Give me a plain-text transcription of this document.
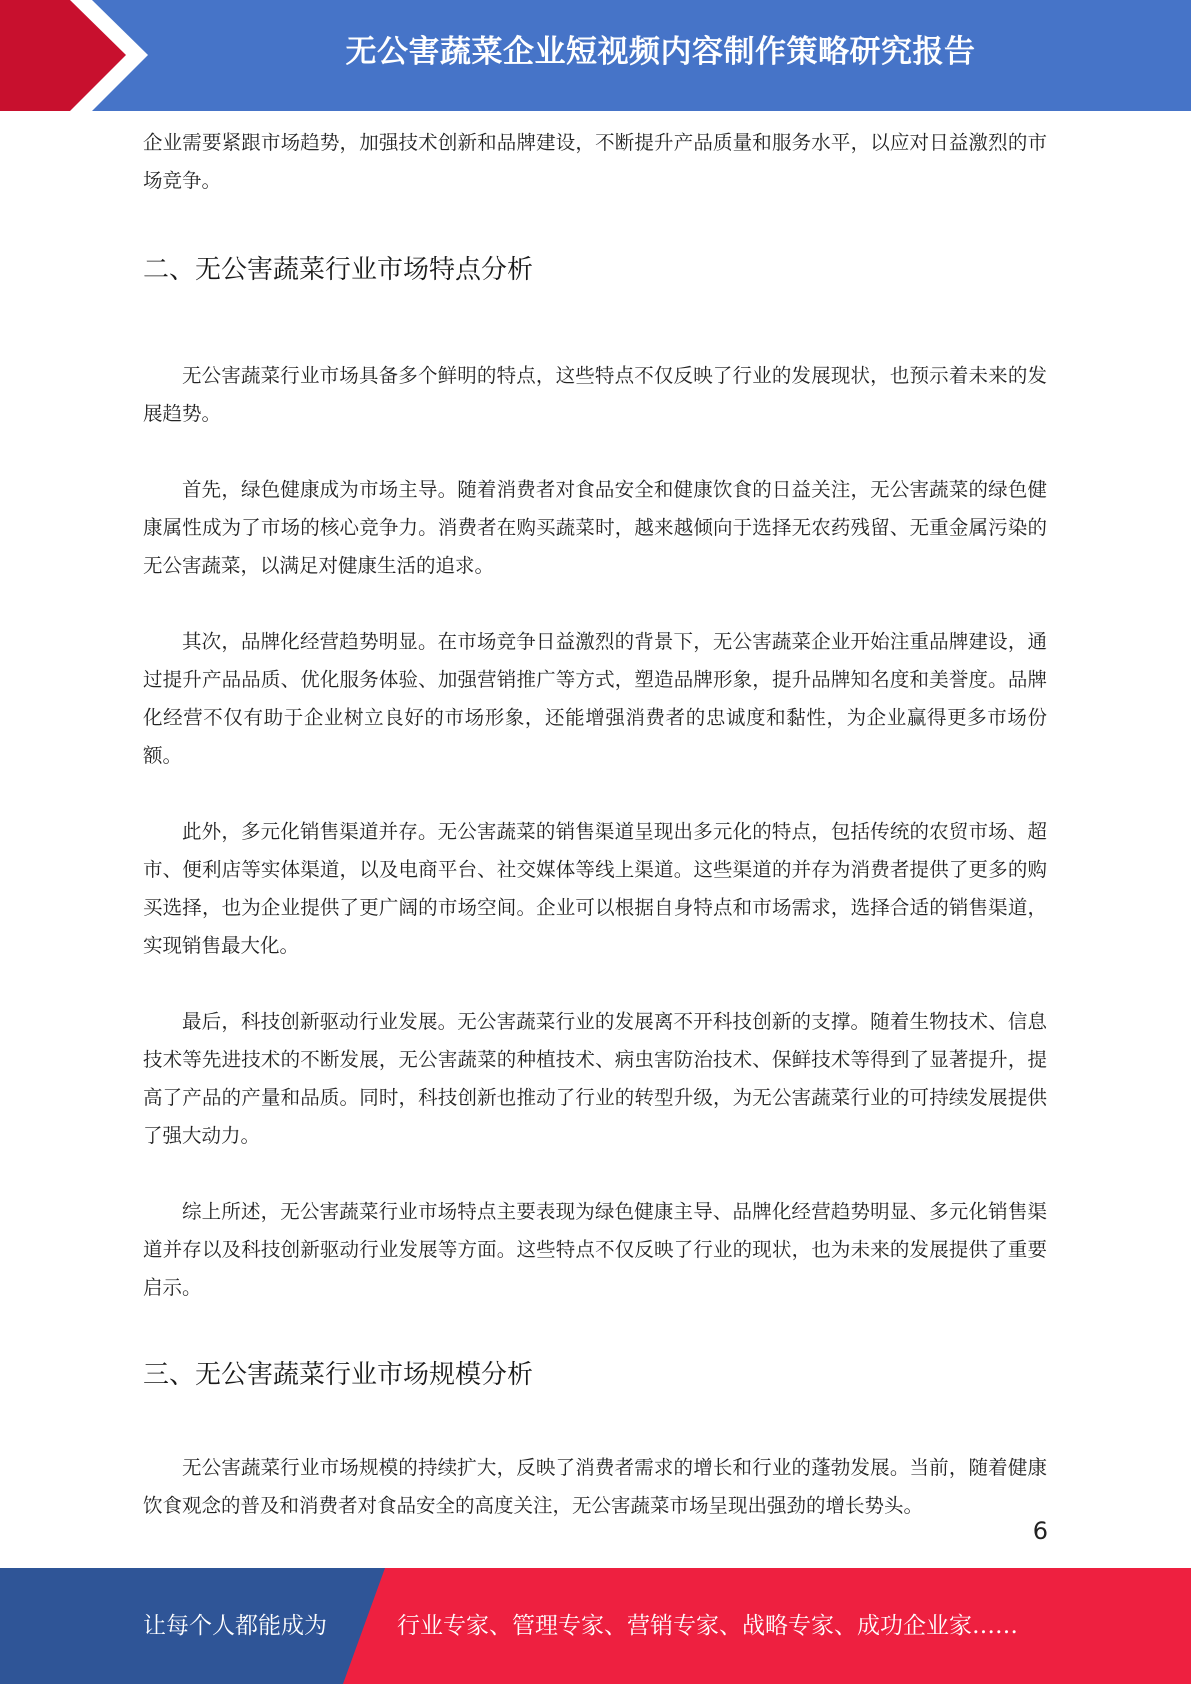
无公害蔬菜企业短视频内容制作策略研究报告

企业需要紧跟市场趋势，加强技术创新和品牌建设，不断提升产品质量和服务水平，以应对日益激烈的市场竞争。

二、无公害蔬菜行业市场特点分析

无公害蔬菜行业市场具备多个鲜明的特点，这些特点不仅反映了行业的发展现状，也预示着未来的发展趋势。

首先，绿色健康成为市场主导。随着消费者对食品安全和健康饮食的日益关注，无公害蔬菜的绿色健康属性成为了市场的核心竞争力。消费者在购买蔬菜时，越来越倾向于选择无农药残留、无重金属污染的无公害蔬菜，以满足对健康生活的追求。

其次，品牌化经营趋势明显。在市场竞争日益激烈的背景下，无公害蔬菜企业开始注重品牌建设，通过提升产品品质、优化服务体验、加强营销推广等方式，塑造品牌形象，提升品牌知名度和美誉度。品牌化经营不仅有助于企业树立良好的市场形象，还能增强消费者的忠诚度和黏性，为企业赢得更多市场份额。

此外，多元化销售渠道并存。无公害蔬菜的销售渠道呈现出多元化的特点，包括传统的农贸市场、超市、便利店等实体渠道，以及电商平台、社交媒体等线上渠道。这些渠道的并存为消费者提供了更多的购买选择，也为企业提供了更广阔的市场空间。企业可以根据自身特点和市场需求，选择合适的销售渠道，实现销售最大化。

最后，科技创新驱动行业发展。无公害蔬菜行业的发展离不开科技创新的支撑。随着生物技术、信息技术等先进技术的不断发展，无公害蔬菜的种植技术、病虫害防治技术、保鲜技术等得到了显著提升，提高了产品的产量和品质。同时，科技创新也推动了行业的转型升级，为无公害蔬菜行业的可持续发展提供了强大动力。

综上所述，无公害蔬菜行业市场特点主要表现为绿色健康主导、品牌化经营趋势明显、多元化销售渠道并存以及科技创新驱动行业发展等方面。这些特点不仅反映了行业的现状，也为未来的发展提供了重要启示。

三、无公害蔬菜行业市场规模分析

无公害蔬菜行业市场规模的持续扩大，反映了消费者需求的增长和行业的蓬勃发展。当前，随着健康饮食观念的普及和消费者对食品安全的高度关注，无公害蔬菜市场呈现出强劲的增长势头。

6
让每个人都能成为	行业专家、管理专家、营销专家、战略专家、成功企业家……
